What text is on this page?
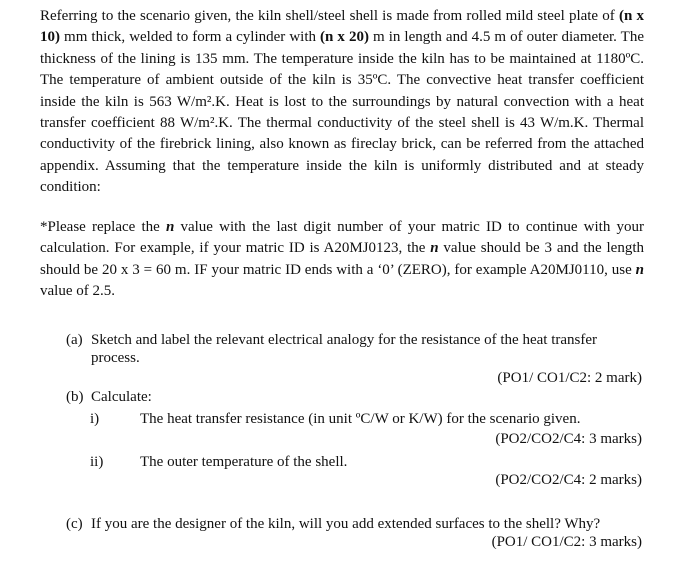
Referring to the scenario given, the kiln shell/steel shell is made from rolled mild steel plate of (n x 10) mm thick, welded to form a cylinder with (n x 20) m in length and 4.5 m of outer diameter. The thickness of the lining is 135 mm. The temperature inside the kiln has to be maintained at 1180ºC. The temperature of ambient outside of the kiln is 35ºC. The convective heat transfer coefficient inside the kiln is 563 W/m².K. Heat is lost to the surroundings by natural convection with a heat transfer coefficient 88 W/m².K. The thermal conductivity of the steel shell is 43 W/m.K. Thermal conductivity of the firebrick lining, also known as fireclay brick, can be referred from the attached appendix. Assuming that the temperature inside the kiln is uniformly distributed and at steady condition:
*Please replace the n value with the last digit number of your matric ID to continue with your calculation. For example, if your matric ID is A20MJ0123, the n value should be 3 and the length should be 20 x 3 = 60 m. IF your matric ID ends with a ‘0’ (ZERO), for example A20MJ0110, use n value of 2.5.
(a) Sketch and label the relevant electrical analogy for the resistance of the heat transfer
process.
(PO1/ CO1/C2: 2 mark)
(b) Calculate:
i)	The heat transfer resistance (in unit ºC/W or K/W) for the scenario given.
(PO2/CO2/C4: 3 marks)
ii) The outer temperature of the shell.
(PO2/CO2/C4: 2 marks)
(c) If you are the designer of the kiln, will you add extended surfaces to the shell? Why?
(PO1/ CO1/C2: 3 marks)
